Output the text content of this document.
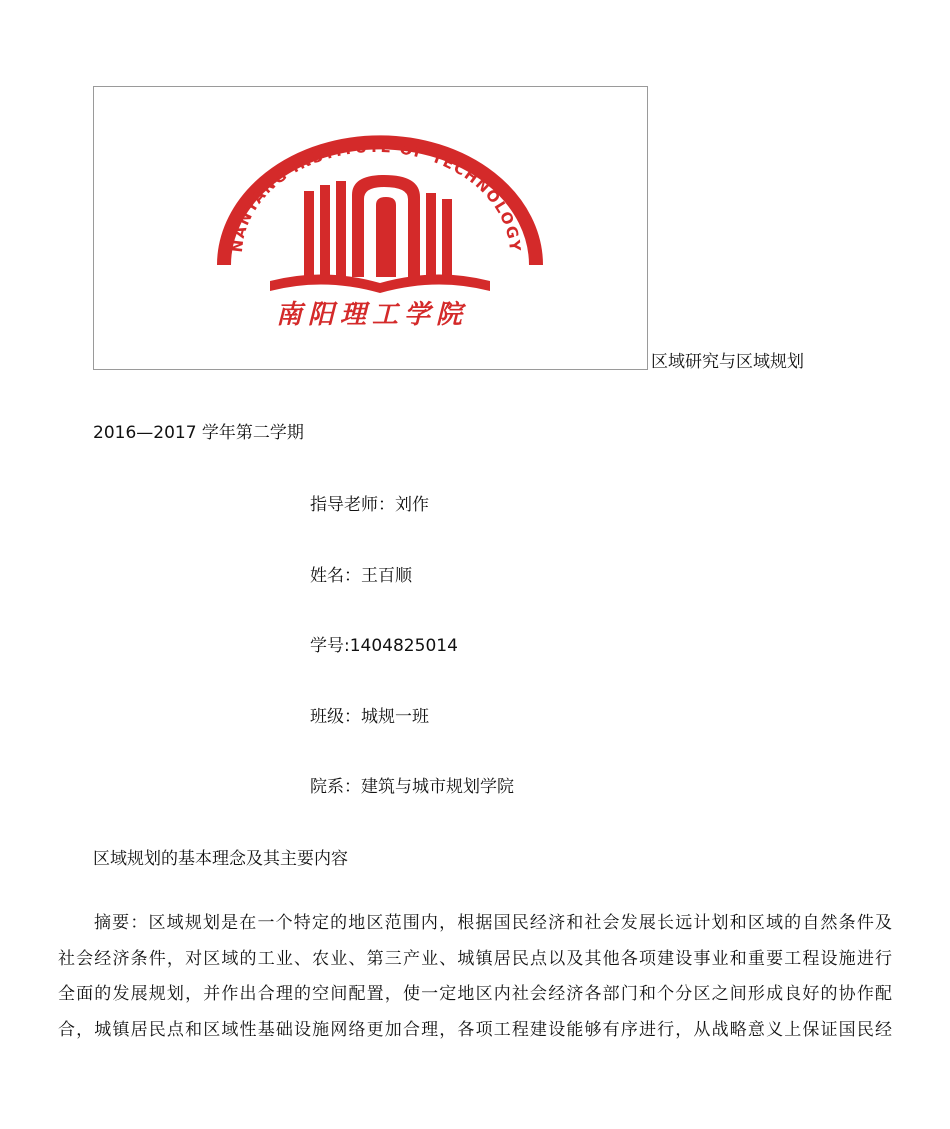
NANYANG INSTITUTE OF TECHNOLOGY
南阳理工学院
区域研究与区域规划
2016—2017 学年第二学期
指导老师：刘作
姓名：王百顺
学号:1404825014
班级：城规一班
院系：建筑与城市规划学院
区域规划的基本理念及其主要内容
摘要：区域规划是在一个特定的地区范围内，根据国民经济和社会发展长远计划和区域的自然条件及
社会经济条件，对区域的工业、农业、第三产业、城镇居民点以及其他各项建设事业和重要工程设施进行
全面的发展规划，并作出合理的空间配置，使一定地区内社会经济各部门和个分区之间形成良好的协作配
合，城镇居民点和区域性基础设施网络更加合理，各项工程建设能够有序进行，从战略意义上保证国民经
